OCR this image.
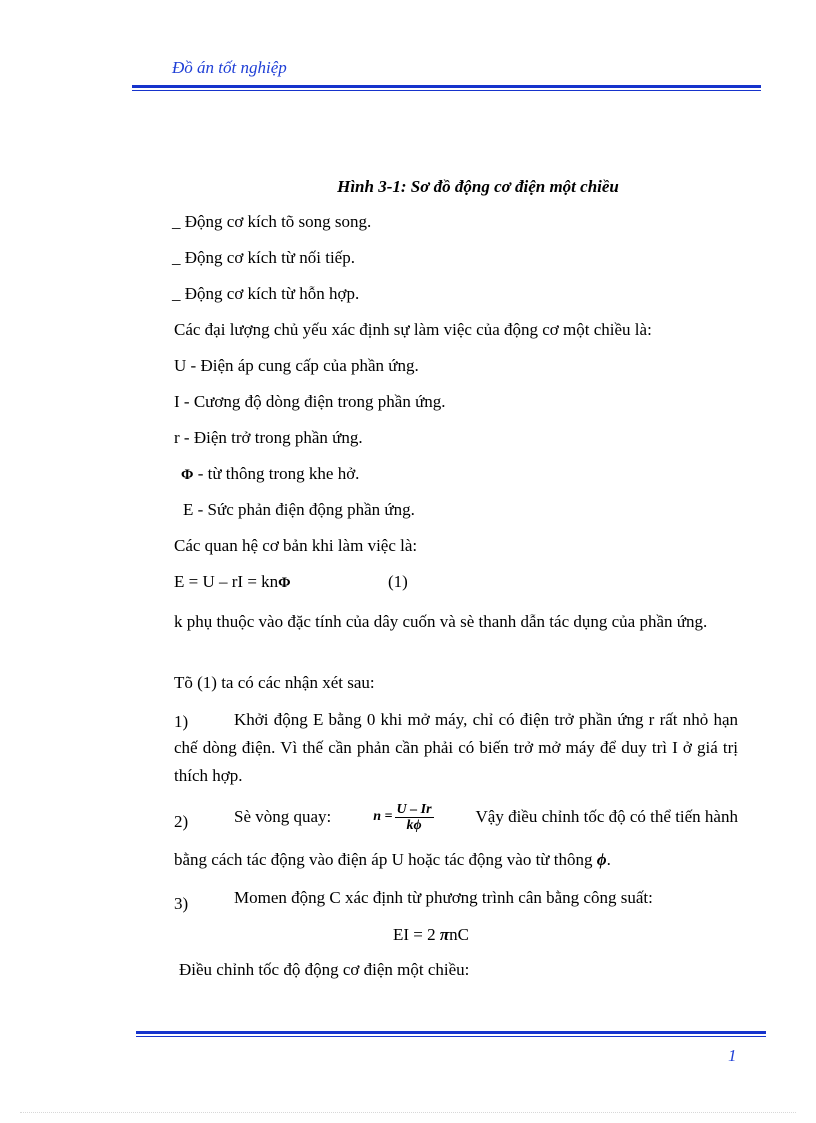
Đồ án tốt nghiệp
Hình 3-1: Sơ đồ động cơ điện một chiều
_ Động cơ kích tõ song song.
_ Động cơ kích từ nối tiếp.
_ Động cơ kích từ hỗn hợp.
Các đại lượng chủ yếu xác định sự làm việc của động cơ một chiều là:
U - Điện áp cung cấp của phần ứng.
I - Cương độ dòng điện trong phần ứng.
r - Điện trở trong phần ứng.
Φ - từ thông trong khe hở.
E - Sức phản điện động phần ứng.
Các quan hệ cơ bản khi làm việc là:
E = U – rI = knΦ	(1)
k phụ thuộc vào đặc tính của dây cuốn và sè thanh dẫn tác dụng của phần ứng.
Tõ (1) ta có các nhận xét sau:
1)	Khởi động E bằng 0 khi mở máy, chỉ có điện trở phần ứng r rất nhỏ hạn chế dòng điện. Vì thế cần phản cần phải có biến trở mở máy để duy trì I ở giá trị thích hợp.
2)	Sè vòng quay:	$n = \frac{U - Ir}{k\phi}$ Vậy điều chỉnh tốc độ có thể tiến hành
bằng cách tác động vào điện áp U hoặc tác động vào từ thông ϕ.
3)	Momen động C xác định từ phương trình cân bằng công suất:
EI = 2 πnC
Điều chỉnh tốc độ động cơ điện một chiều:
1
